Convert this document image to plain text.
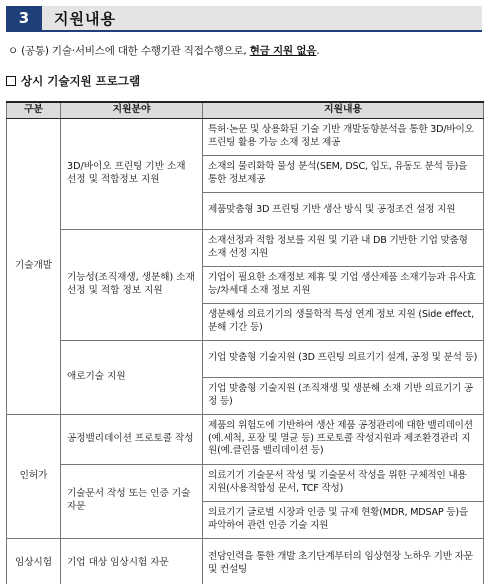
3	지원내용
ㅇ (공통) 기술·서비스에 대한 수행기관 직접수행으로, 현금 지원 없음.
상시 기술지원 프로그램
구분	지원분야	지원내용
기술개발	3D/바이오 프린팅 기반 소재 선정 및 적합정보 지원	특허·논문 및 상용화된 기술 기반 개발동향분석을 통한 3D/바이오 프린팅 활용 가능 소재 정보 제공
		소재의 물리화학 물성 분석(SEM, DSC, 입도, 유동도 분석 등)을 통한 정보제공
		제품맞춤형 3D 프린팅 기반 생산 방식 및 공정조건 설정 지원
	기능성(조직재생, 생분해) 소재선정 및 적합 정보 지원	소재선정과 적합 정보를 지원 및 기관 내 DB 기반한 기업 맞춤형 소재 선정 지원
		기업이 필요한 소재정보 제휴 및 기업 생산제품 소재기능과 유사효능/차세대 소재 정보 지원
		생분해성 의료기기의 생물학적 특성 연계 정보 지원 (Side effect, 분해 기간 등)
	애로기술 지원	기업 맞춤형 기술지원 (3D 프린팅 의료기기 설계, 공정 및 분석 등)
		기업 맞춤형 기술지원 (조직재생 및 생분해 소재 기반 의료기기 공정 등)
인허가	공정밸리데이션 프로토콜 작성	제품의 위험도에 기반하여 생산 제품 공정관리에 대한 밸리데이션(예.세척, 포장 및 멸균 등) 프로토콜 작성지원과 제조환경관리 지원(예.클린룸 밸리데이션 등)
	기술문서 작성 또는 인증 기술자문	의료기기 기술문서 작성 및 기술문서 작성을 위한 구체적인 내용 지원(사용적합성 문서, TCF 작성)
		의료기기 글로벌 시장과 인증 및 규제 현황(MDR, MDSAP 등)을 파악하여 관련 인증 기술 지원
임상시험	기업 대상 임상시험 자문	전담인력을 통한 개발 초기단계부터의 임상현장 노하우 기반 자문 및 컨설팅
